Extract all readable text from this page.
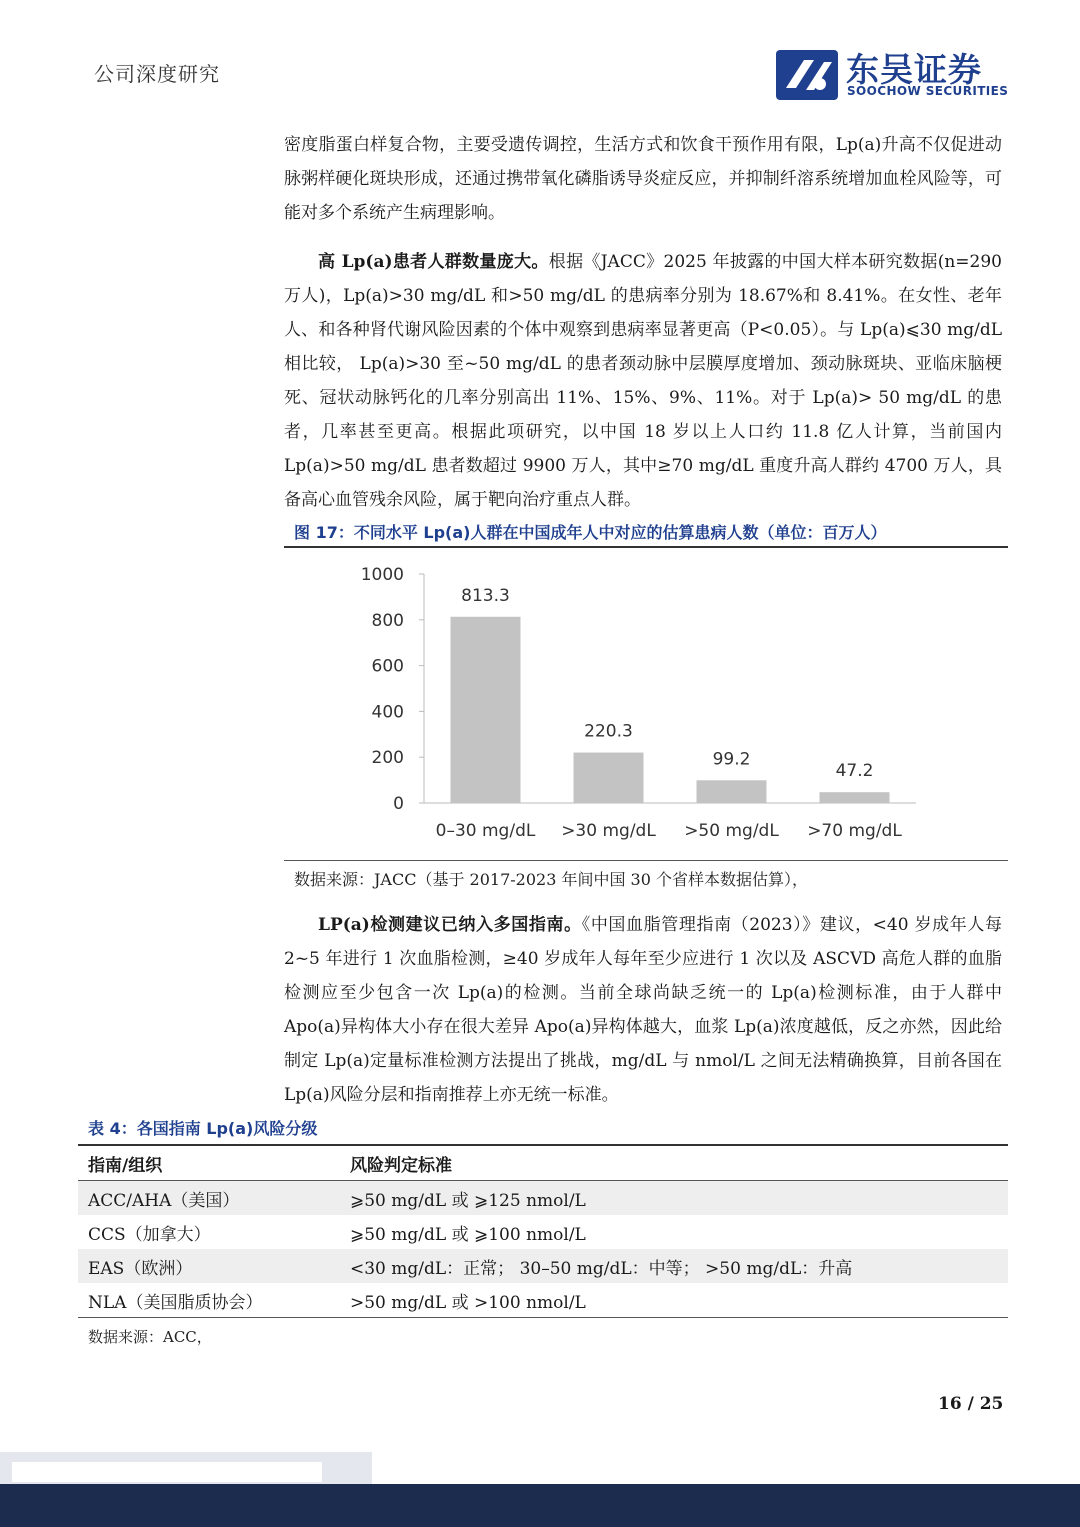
公司深度研究	东吴证券
SOOCHOW SECURITIES

密度脂蛋白样复合物，主要受遗传调控，生活方式和饮食干预作用有限，Lp(a)升高不仅促进动脉粥样硬化斑块形成，还通过携带氧化磷脂诱导炎症反应，并抑制纤溶系统增加血栓风险等，可能对多个系统产生病理影响。

高 Lp(a)患者人群数量庞大。根据《JACC》2025 年披露的中国大样本研究数据(n=290 万人)，Lp(a)>30 mg/dL 和>50 mg/dL 的患病率分别为 18.67%和 8.41%。在女性、老年人、和各种肾代谢风险因素的个体中观察到患病率显著更高（P<0.05）。与 Lp(a)⩽30 mg/dL 相比较， Lp(a)>30 至~50 mg/dL 的患者颈动脉中层膜厚度增加、颈动脉斑块、亚临床脑梗死、冠状动脉钙化的几率分别高出 11%、15%、9%、11%。对于 Lp(a)> 50 mg/dL 的患者，几率甚至更高。根据此项研究，以中国 18 岁以上人口约 11.8 亿人计算，当前国内 Lp(a)>50 mg/dL 患者数超过 9900 万人，其中≥70 mg/dL 重度升高人群约 4700 万人，具备高心血管残余风险，属于靶向治疗重点人群。

图 17：不同水平 Lp(a)人群在中国成年人中对应的估算患病人数（单位：百万人）
0
200
400
600
800
1000
813.3
0–30 mg/dL
220.3
>30 mg/dL
99.2
>50 mg/dL
47.2
>70 mg/dL
数据来源：JACC（基于 2017-2023 年间中国 30 个省样本数据估算），

LP(a)检测建议已纳入多国指南。《中国血脂管理指南（2023）》建议，<40 岁成年人每 2~5 年进行 1 次血脂检测，≥40 岁成年人每年至少应进行 1 次以及 ASCVD 高危人群的血脂检测应至少包含一次 Lp(a)的检测。当前全球尚缺乏统一的 Lp(a)检测标准，由于人群中 Apo(a)异构体大小存在很大差异 Apo(a)异构体越大，血浆 Lp(a)浓度越低，反之亦然，因此给制定 Lp(a)定量标准检测方法提出了挑战，mg/dL 与 nmol/L 之间无法精确换算，目前各国在 Lp(a)风险分层和指南推荐上亦无统一标准。

表 4：各国指南 Lp(a)风险分级
指南/组织	风险判定标准
ACC/AHA（美国）	⩾50 mg/dL 或 ⩾125 nmol/L
CCS（加拿大）	⩾50 mg/dL 或 ⩾100 nmol/L
EAS（欧洲）	<30 mg/dL：正常； 30–50 mg/dL：中等； >50 mg/dL：升高
NLA（美国脂质协会）	>50 mg/dL 或 >100 nmol/L
数据来源：ACC，
16 / 25
